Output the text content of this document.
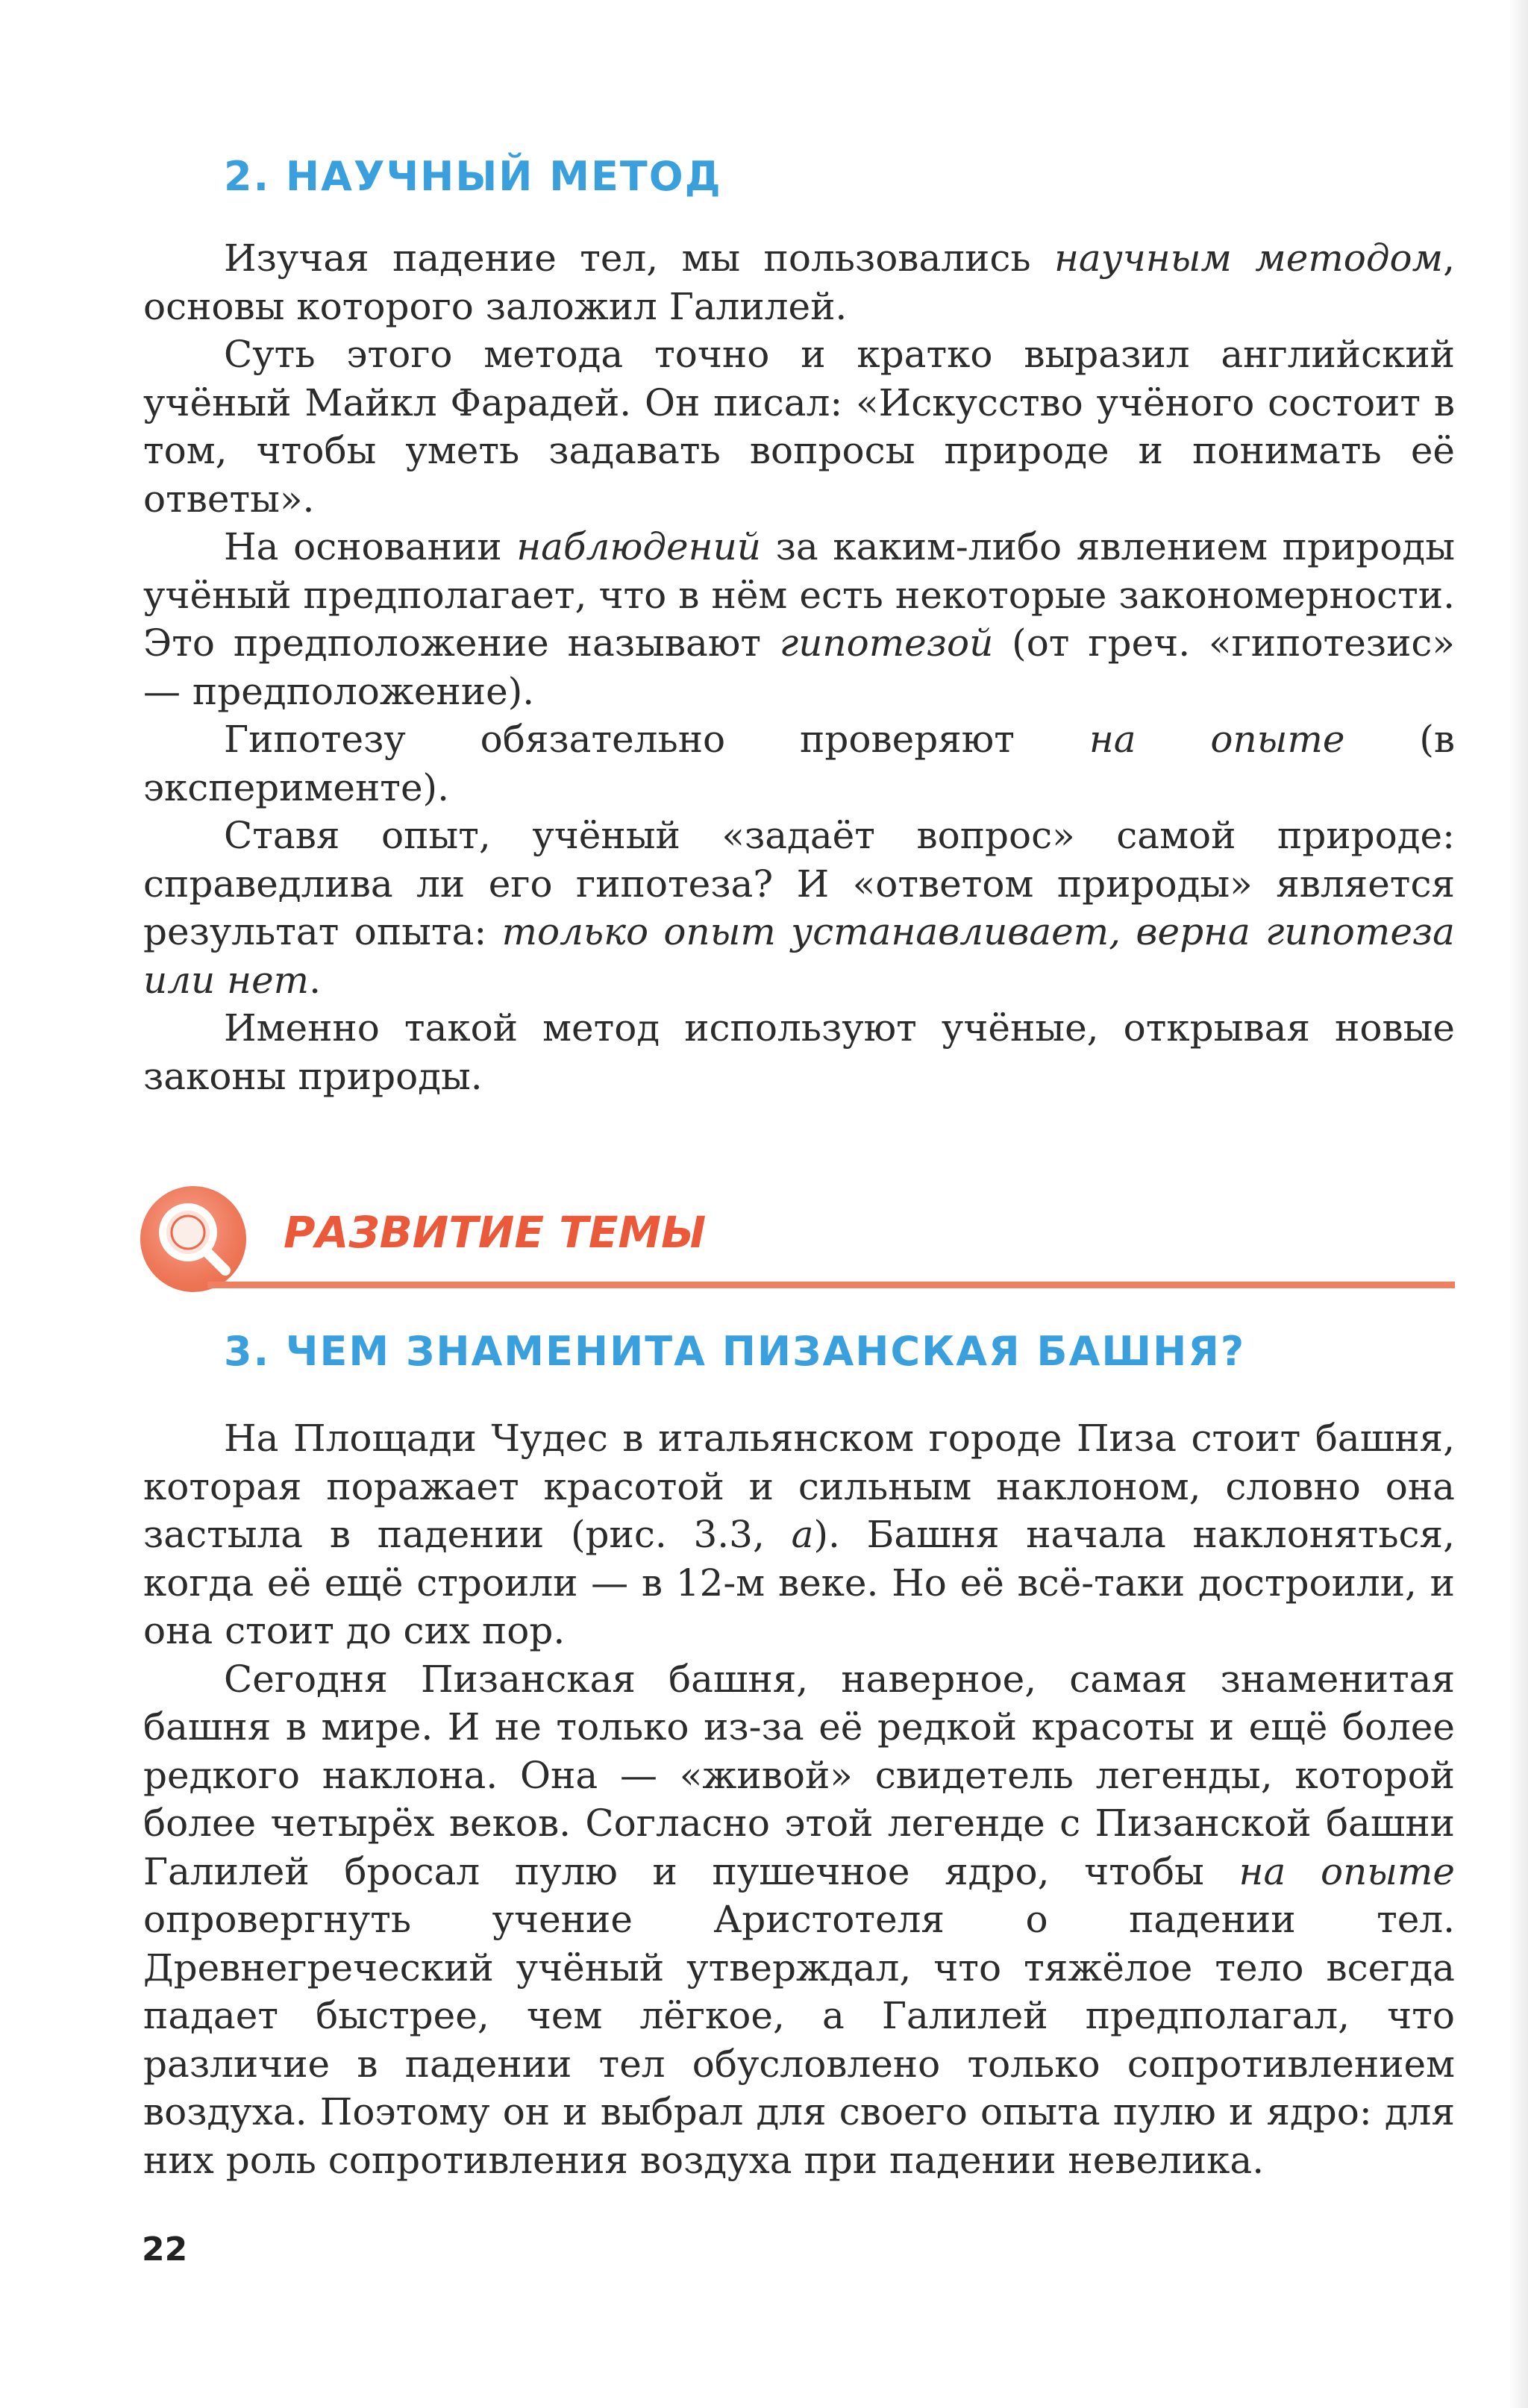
2. НАУЧНЫЙ МЕТОД

Изучая падение тел, мы пользовались научным методом, основы которого заложил Галилей.

Суть этого метода точно и кратко выразил английский учёный Майкл Фарадей. Он писал: «Искусство учёного состоит в том, чтобы уметь задавать вопросы природе и понимать её ответы».

На основании наблюдений за каким-либо явлением природы учёный предполагает, что в нём есть некоторые закономерности. Это предположение называют гипотезой (от греч. «гипотезис» — предположение).

Гипотезу обязательно проверяют на опыте (в эксперименте).

Ставя опыт, учёный «задаёт вопрос» самой природе: справедлива ли его гипотеза? И «ответом природы» является результат опыта: только опыт устанавливает, верна гипотеза или нет.

Именно такой метод используют учёные, открывая новые законы природы.

РАЗВИТИЕ ТЕМЫ
3. ЧЕМ ЗНАМЕНИТА ПИЗАНСКАЯ БАШНЯ?

На Площади Чудес в итальянском городе Пиза стоит башня, которая поражает красотой и сильным наклоном, словно она застыла в падении (рис. 3.3, а). Башня начала наклоняться, когда её ещё строили — в 12-м веке. Но её всё-таки достроили, и она стоит до сих пор.

Сегодня Пизанская башня, наверное, самая знаменитая башня в мире. И не только из-за её редкой красоты и ещё более редкого наклона. Она — «живой» свидетель легенды, которой более четырёх веков. Согласно этой легенде с Пизанской башни Галилей бросал пулю и пушечное ядро, чтобы на опыте опровергнуть учение Аристотеля о падении тел. Древнегреческий учёный утверждал, что тяжёлое тело всегда падает быстрее, чем лёгкое, а Галилей предполагал, что различие в падении тел обусловлено только сопротивлением воздуха. Поэтому он и выбрал для своего опыта пулю и ядро: для них роль сопротивления воздуха при падении невелика.

22
